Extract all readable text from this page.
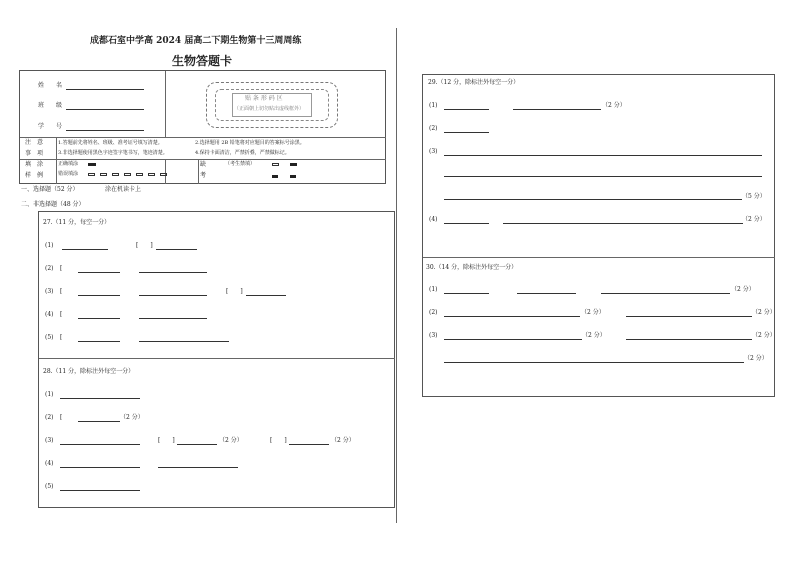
成都石室中学高 2024 届高二下期生物第十三周周练
生物答题卡
姓　　名
班　　级
学　　号
贴 条 形 码 区
（正面朝上切勿贴出虚线框外）
注　意
事　项
1.答题前先将姓名、班级、准考证号填写清楚。	2.选择题用 2B 铅笔将对应题目的答案标号涂黑。
3.非选择题使用黑色字迹签字笔书写，笔迹清楚。	4.保持卡面清洁，严禁折叠，严禁做标记。
填　涂
样　例
正确填涂
错误填涂
缺
考
（考生禁填）
一、选择题（52 分）	涂在机读卡上
二、非选择题（48 分）
27.（11 分，每空一分）
(1)	[　　]
(2) [
(3) [	[　　]
(4) [
(5) [
28.（11 分，除标注外每空一分）
(1)
(2) [	（2 分）
(3)	[　　]	（2 分）	[　　]	（2 分）
(4)
(5)
29.（12 分，除标注外每空一分）
(1)	（2 分）
(2)
(3)
（5 分）
(4)	（2 分）
30.（14 分，除标注外每空一分）
(1)	（2 分）
(2)	（2 分）	（2 分）
(3)	（2 分）	（2 分）
（2 分）
